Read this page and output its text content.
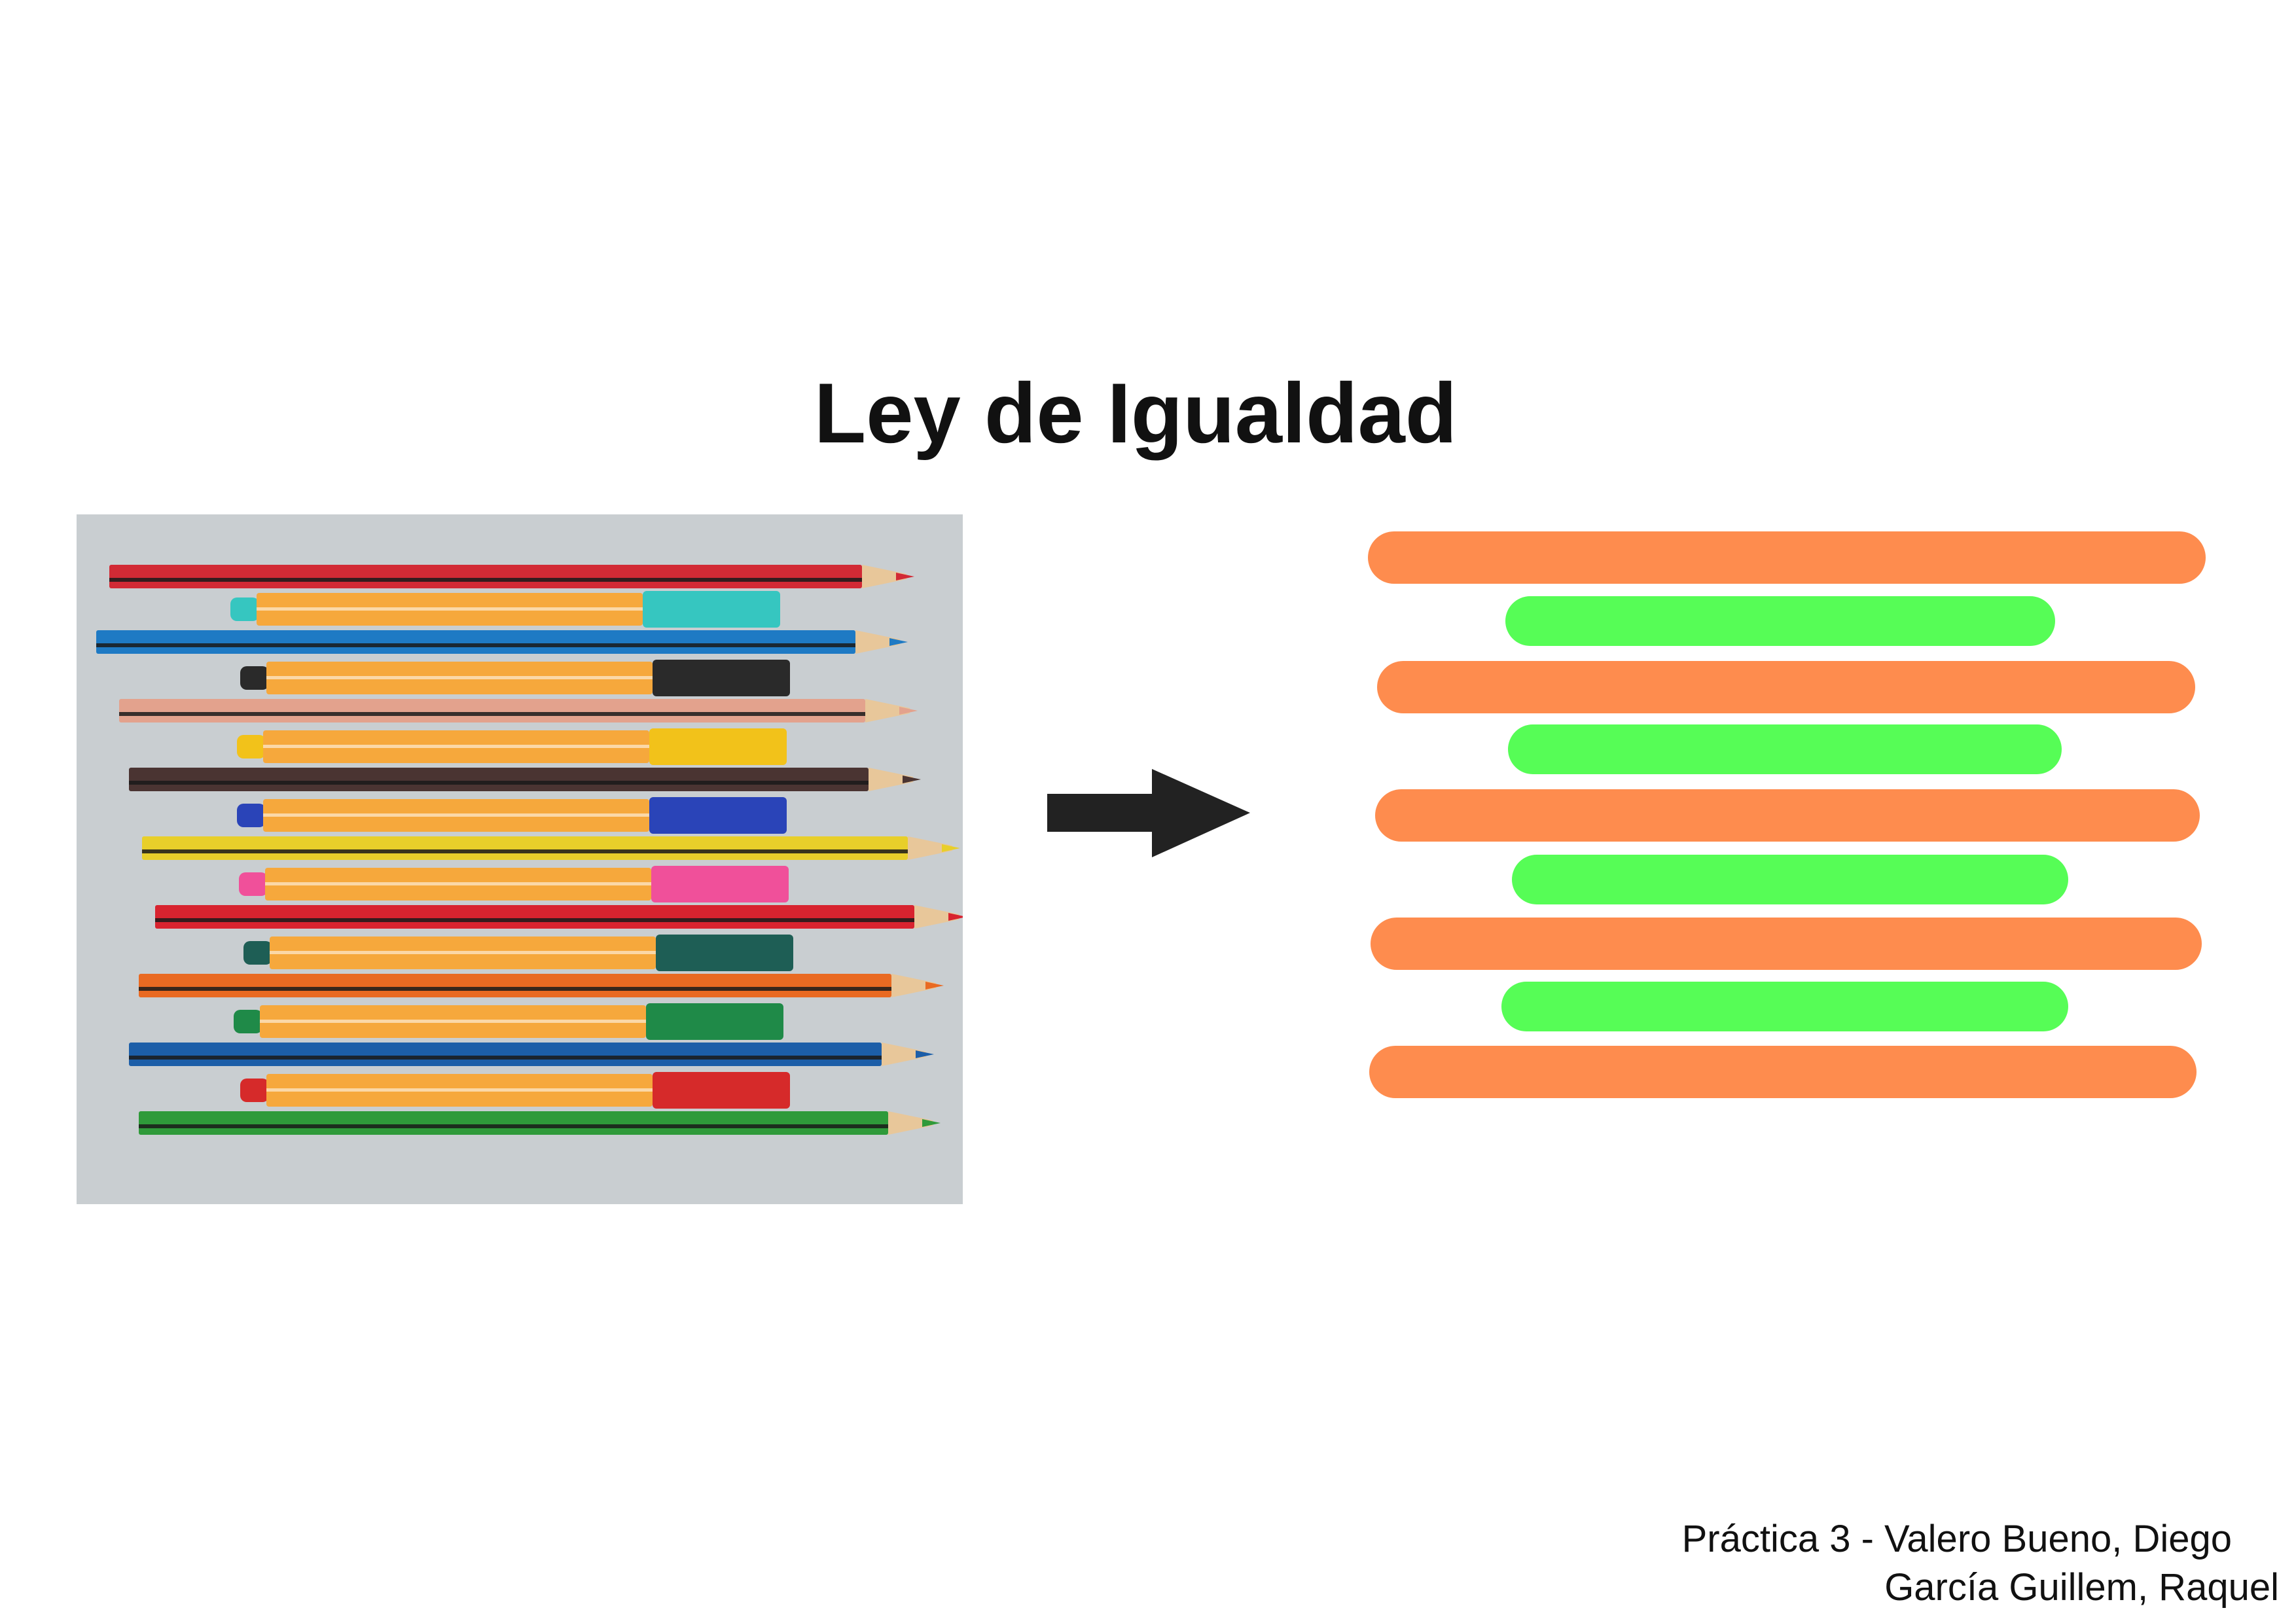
Ley de Igualdad
Práctica 3 - Valero Bueno, Diego
García Guillem, Raquel
